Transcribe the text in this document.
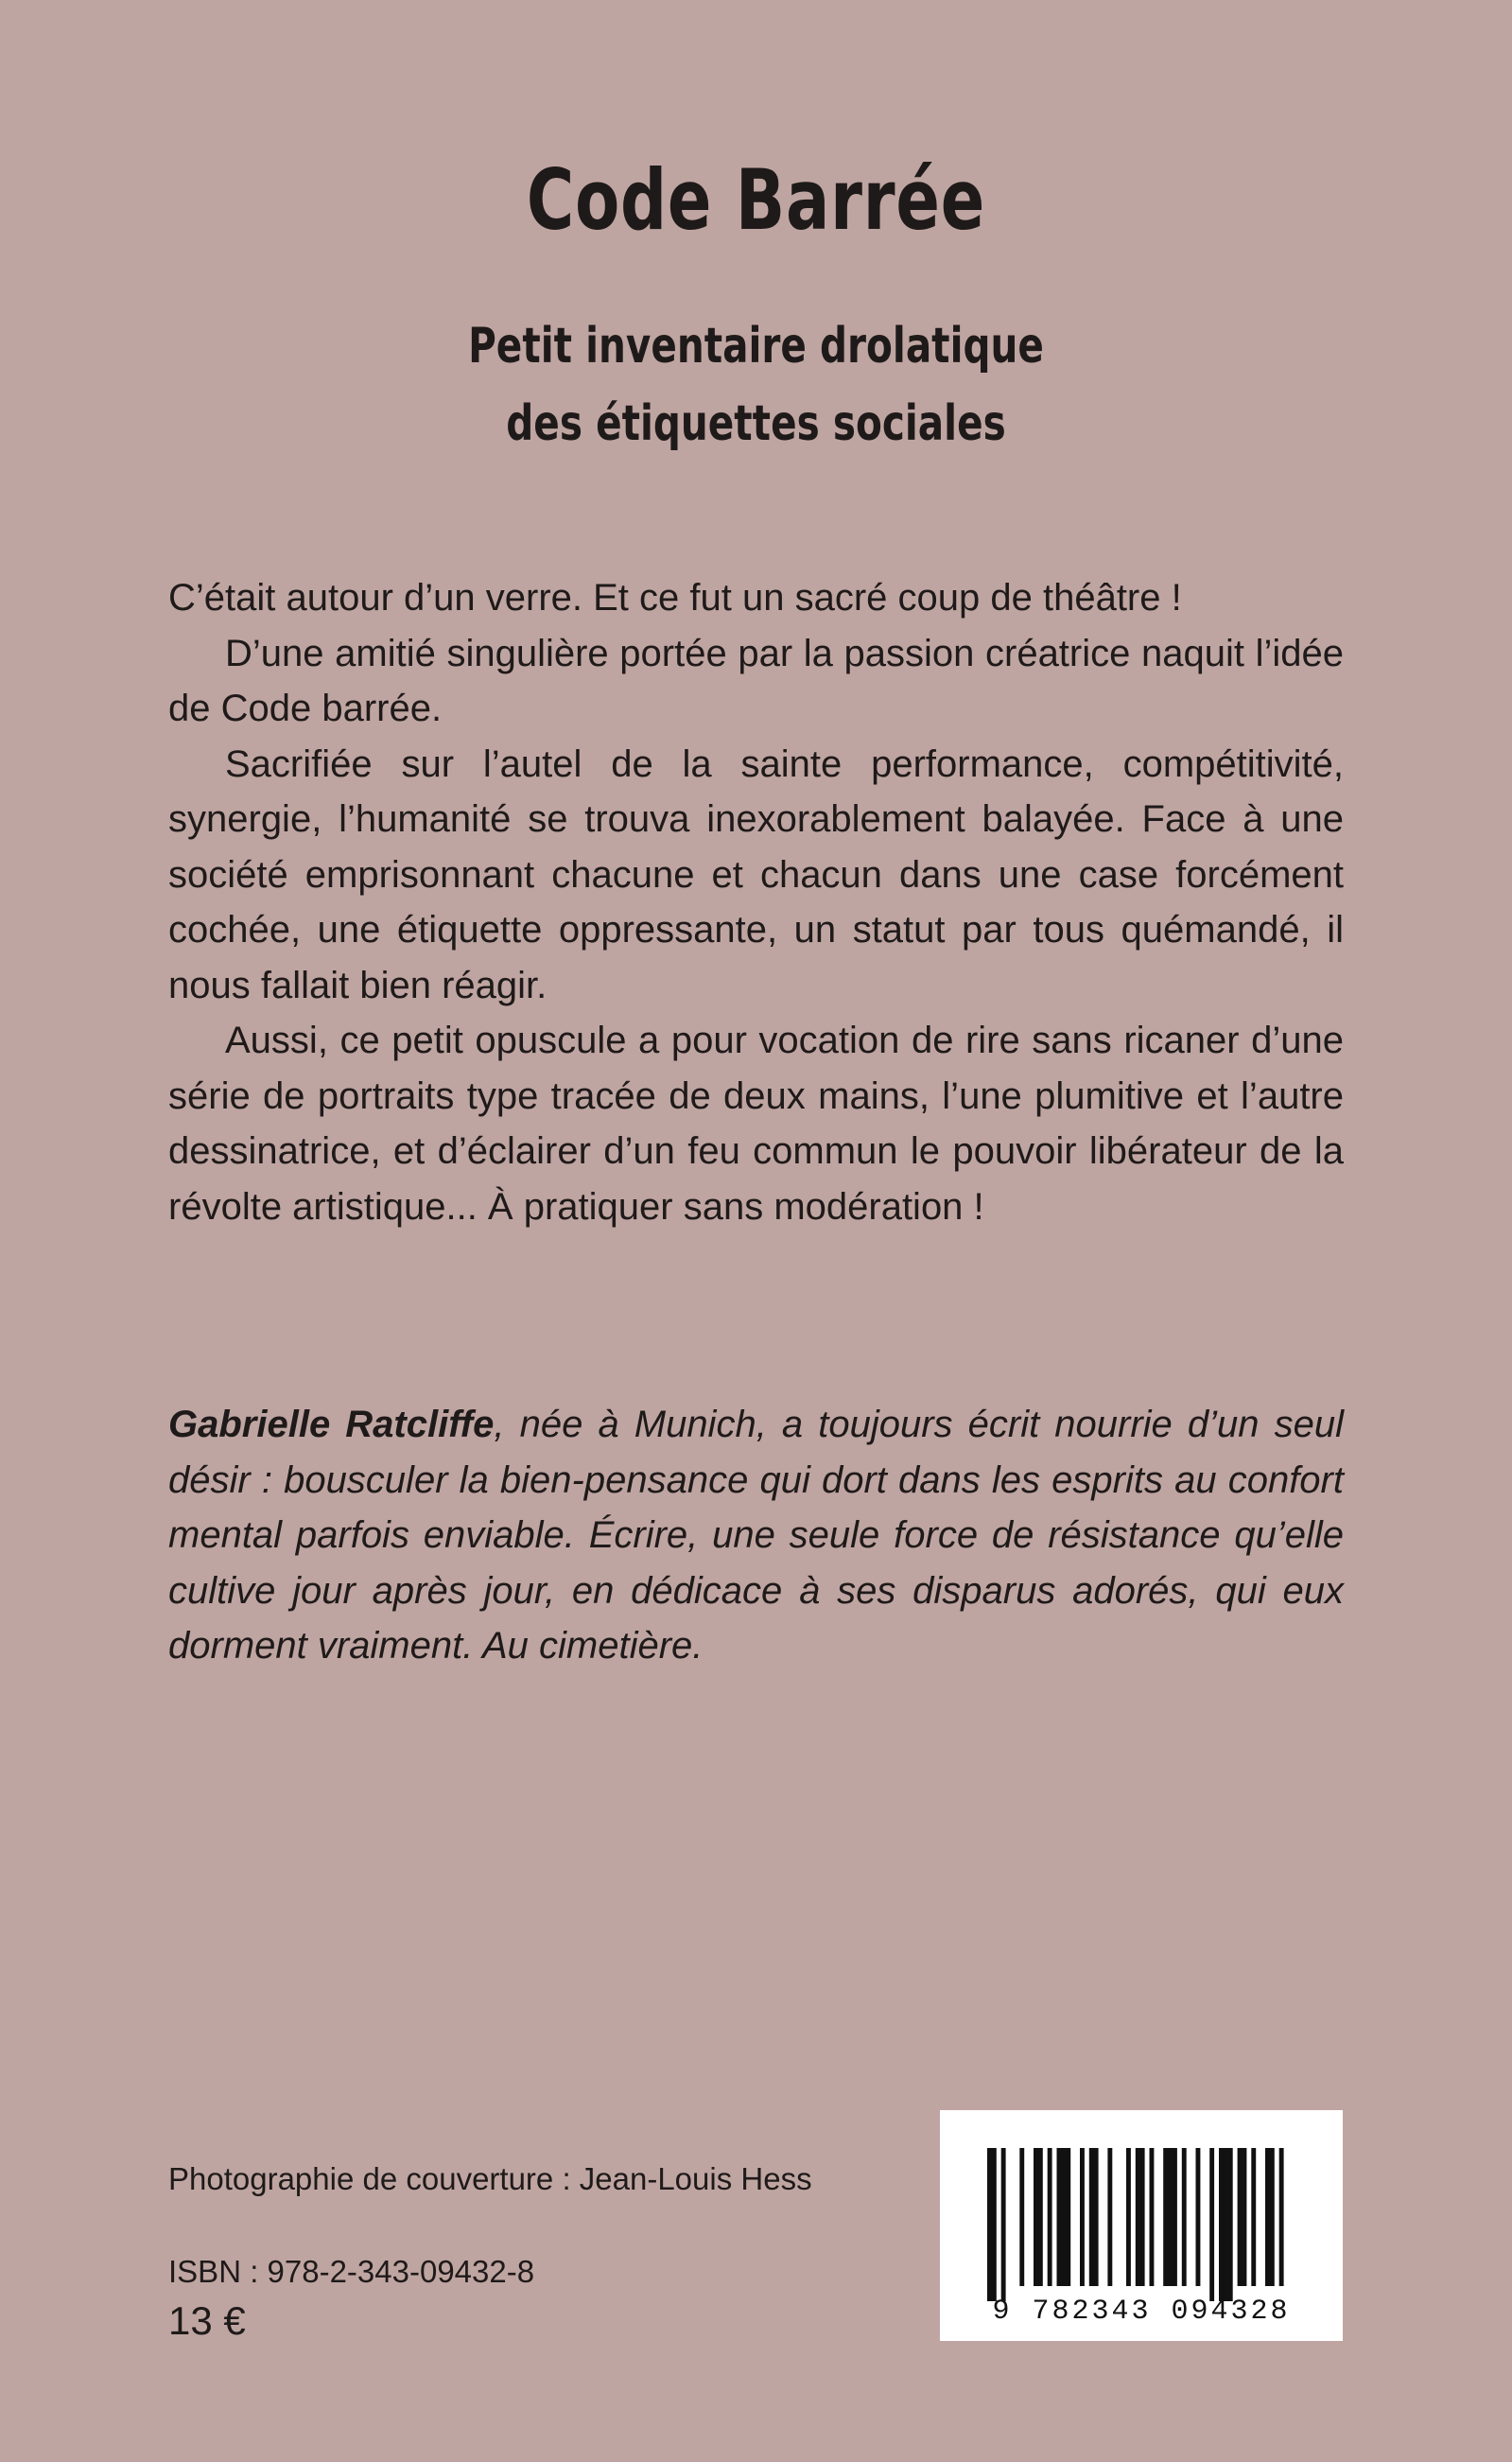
Code Barrée
Petit inventaire drolatique
des étiquettes sociales

C’était autour d’un verre. Et ce fut un sacré coup de théâtre !

D’une amitié singulière portée par la passion créatrice naquit l’idée de Code barrée.

Sacrifiée sur l’autel de la sainte performance, compétitivité, synergie, l’humanité se trouva inexorablement balayée. Face à une société emprisonnant chacune et chacun dans une case forcément cochée, une étiquette oppressante, un statut par tous quémandé, il nous fallait bien réagir.

Aussi, ce petit opuscule a pour vocation de rire sans ricaner d’une série de portraits type tracée de deux mains, l’une plumitive et l’autre dessinatrice, et d’éclairer d’un feu commun le pouvoir libérateur de la révolte artistique... À pratiquer sans modération !

Gabrielle Ratcliffe, née à Munich, a toujours écrit nourrie d’un seul désir : bousculer la bien-pensance qui dort dans les esprits au confort mental parfois enviable. Écrire, une seule force de résistance qu’elle cultive jour après jour, en dédicace à ses disparus adorés, qui eux dorment vraiment. Au cimetière.

Photographie de couverture : Jean-Louis Hess

ISBN : 978-2-343-09432-8

13 €	9 782343 094328
